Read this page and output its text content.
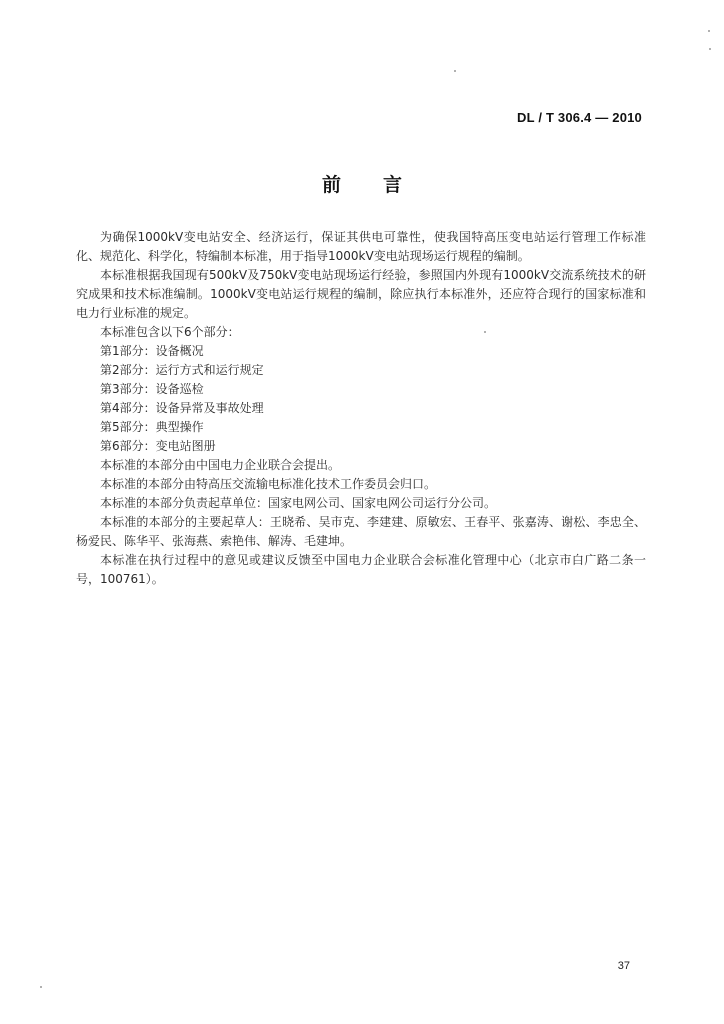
DL / T 306.4 — 2010
前言

为确保1000kV变电站安全、经济运行，保证其供电可靠性，使我国特高压变电站运行管理工作标准化、规范化、科学化，特编制本标准，用于指导1000kV变电站现场运行规程的编制。

本标准根据我国现有500kV及750kV变电站现场运行经验，参照国内外现有1000kV交流系统技术的研究成果和技术标准编制。1000kV变电站运行规程的编制，除应执行本标准外，还应符合现行的国家标准和电力行业标准的规定。

本标准包含以下6个部分：

第1部分：设备概况

第2部分：运行方式和运行规定

第3部分：设备巡检

第4部分：设备异常及事故处理

第5部分：典型操作

第6部分：变电站图册

本标准的本部分由中国电力企业联合会提出。

本标准的本部分由特高压交流输电标准化技术工作委员会归口。

本标准的本部分负责起草单位：国家电网公司、国家电网公司运行分公司。

本标准的本部分的主要起草人：王晓希、吴市克、李建建、原敏宏、王春平、张嘉涛、谢松、李忠全、杨爱民、陈华平、张海燕、索艳伟、解涛、毛建坤。

本标准在执行过程中的意见或建议反馈至中国电力企业联合会标准化管理中心（北京市白广路二条一号，100761）。

37
